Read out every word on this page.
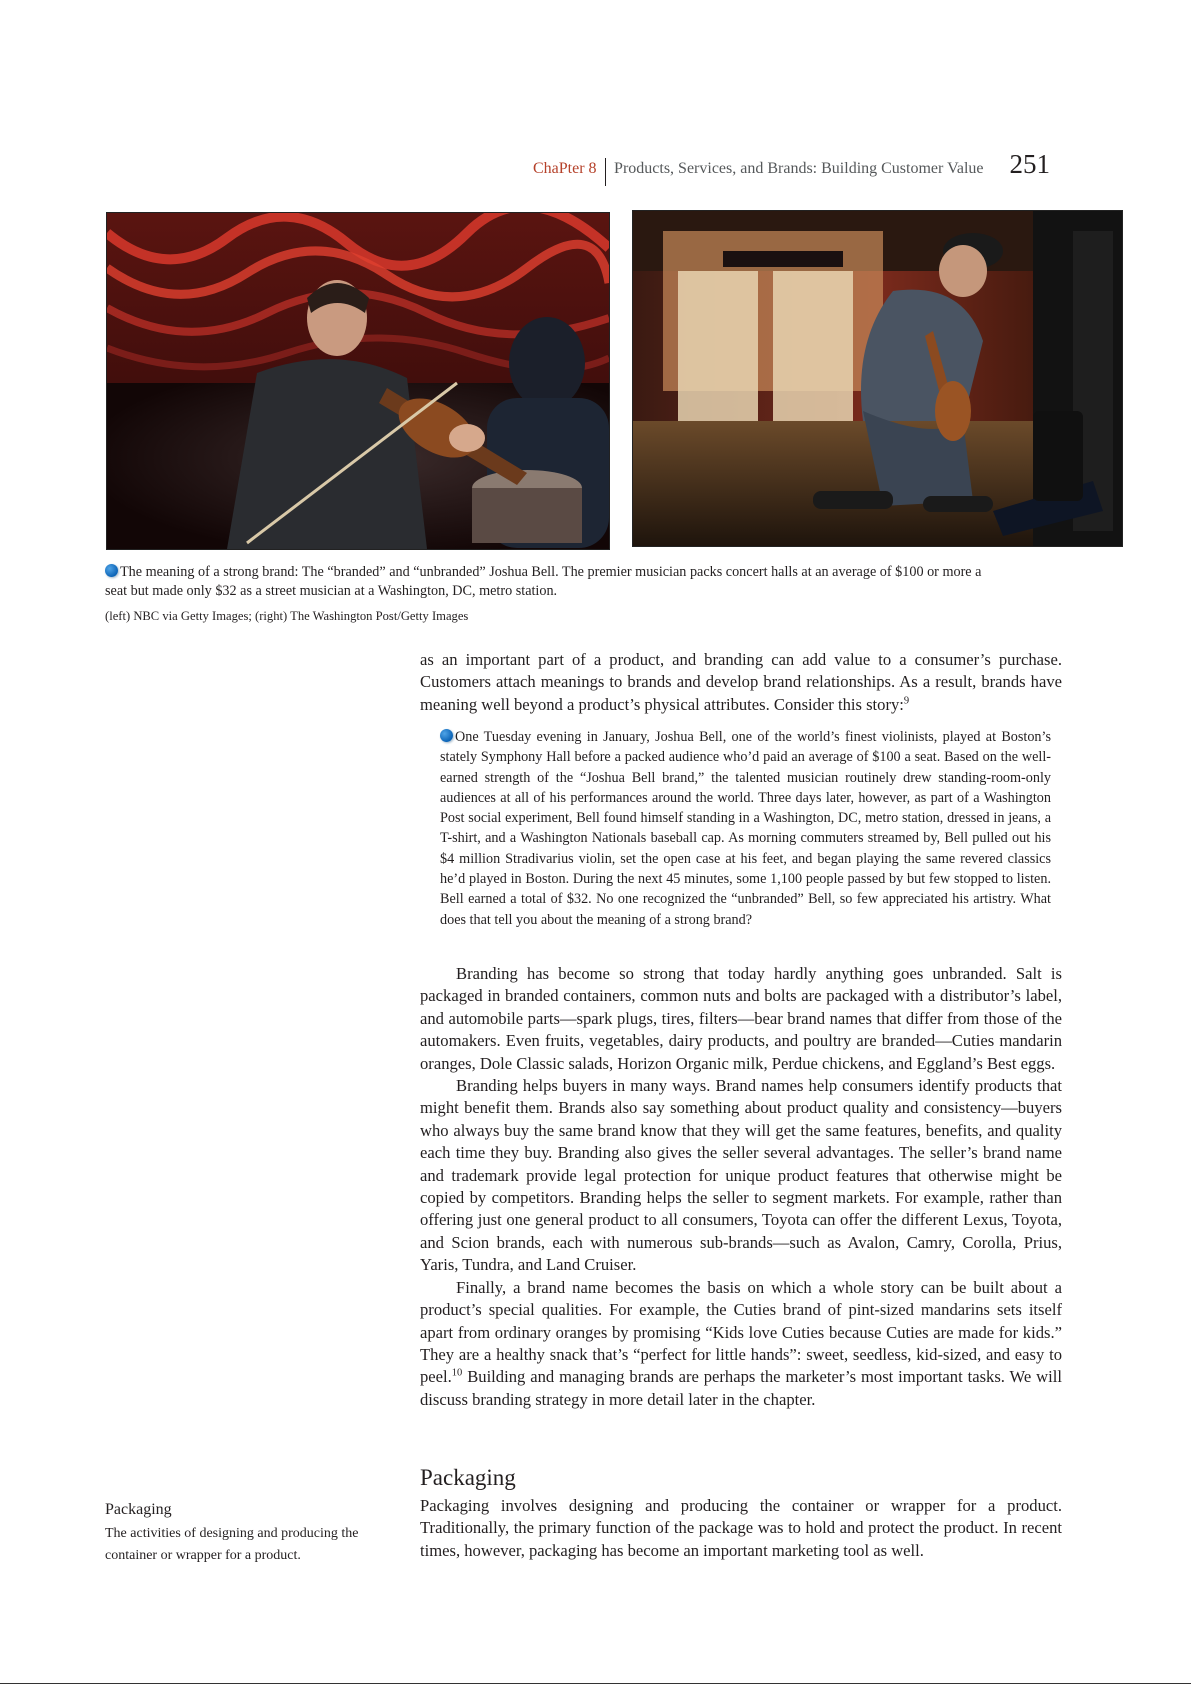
ChaPter 8 Products, Services, and Brands: Building Customer Value 251
The meaning of a strong brand: The “branded” and “unbranded” Joshua Bell. The premier musician packs concert halls at an average of $100 or more a seat but made only $32 as a street musician at a Washington, DC, metro station.
(left) NBC via Getty Images; (right) The Washington Post/Getty Images

as an important part of a product, and branding can add value to a consumer’s purchase. Customers attach meanings to brands and develop brand relationships. As a result, brands have meaning well beyond a product’s physical attributes. Consider this story:$^9$

One Tuesday evening in January, Joshua Bell, one of the world’s finest violinists, played at Boston’s stately Symphony Hall before a packed audience who’d paid an average of $100 a seat. Based on the well-earned strength of the “Joshua Bell brand,” the talented musician routinely drew standing-room-only audiences at all of his performances around the world. Three days later, however, as part of a Washington Post social experiment, Bell found himself standing in a Washington, DC, metro station, dressed in jeans, a T-shirt, and a Washington Nationals baseball cap. As morning commuters streamed by, Bell pulled out his $4 million Stradivarius violin, set the open case at his feet, and began playing the same revered classics he’d played in Boston. During the next 45 minutes, some 1,100 people passed by but few stopped to listen. Bell earned a total of $32. No one recognized the “unbranded” Bell, so few appreciated his artistry. What does that tell you about the meaning of a strong brand?

Branding has become so strong that today hardly anything goes unbranded. Salt is packaged in branded containers, common nuts and bolts are packaged with a distributor’s label, and automobile parts—spark plugs, tires, filters—bear brand names that differ from those of the automakers. Even fruits, vegetables, dairy products, and poultry are branded—Cuties mandarin oranges, Dole Classic salads, Horizon Organic milk, Perdue chickens, and Eggland’s Best eggs.

Branding helps buyers in many ways. Brand names help consumers identify products that might benefit them. Brands also say something about product quality and consistency—buyers who always buy the same brand know that they will get the same features, benefits, and quality each time they buy. Branding also gives the seller several advantages. The seller’s brand name and trademark provide legal protection for unique product features that otherwise might be copied by competitors. Branding helps the seller to segment markets. For example, rather than offering just one general product to all consumers, Toyota can offer the different Lexus, Toyota, and Scion brands, each with numerous sub-brands—such as Avalon, Camry, Corolla, Prius, Yaris, Tundra, and Land Cruiser.

Finally, a brand name becomes the basis on which a whole story can be built about a product’s special qualities. For example, the Cuties brand of pint-sized mandarins sets itself apart from ordinary oranges by promising “Kids love Cuties because Cuties are made for kids.” They are a healthy snack that’s “perfect for little hands”: sweet, seedless, kid-sized, and easy to peel.$^{10}$ Building and managing brands are perhaps the marketer’s most important tasks. We will discuss branding strategy in more detail later in the chapter.

Packaging

Packaging involves designing and producing the container or wrapper for a product. Traditionally, the primary function of the package was to hold and protect the product. In recent times, however, packaging has become an important marketing tool as well.

Packaging
The activities of designing and producing the container or wrapper for a product.
